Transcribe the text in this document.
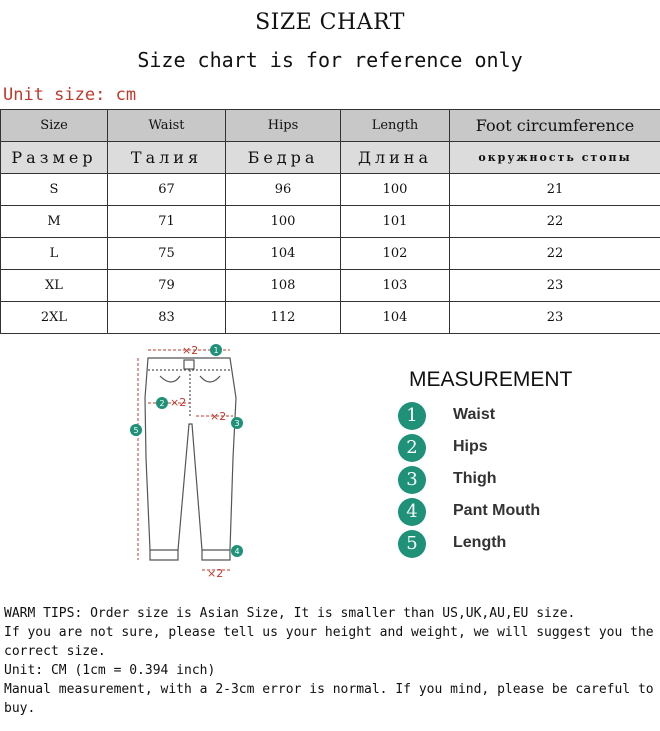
SIZE CHART
Size chart is for reference only
Unit size: cm
Size	Waist	Hips	Length	Foot circumference
Размер	Талия	Бедра	Длина	окружность стопы
S	67	96	100	21
M	71	100	101	22
L	75	104	102	22
XL	79	108	103	23
2XL	83	112	104	23
×2
×2
×2
×2
1
2
3
4
5
MEASUREMENT
1	Waist
2	Hips
3	Thigh
4	Pant Mouth
5	Length

WARM TIPS: Order size is Asian Size, It is smaller than US,UK,AU,EU size.

If you are not sure, please tell us your height and weight, we will suggest you the correct size.

Unit: CM (1cm = 0.394 inch)

Manual measurement, with a 2-3cm error is normal. If you mind, please be careful to buy.
